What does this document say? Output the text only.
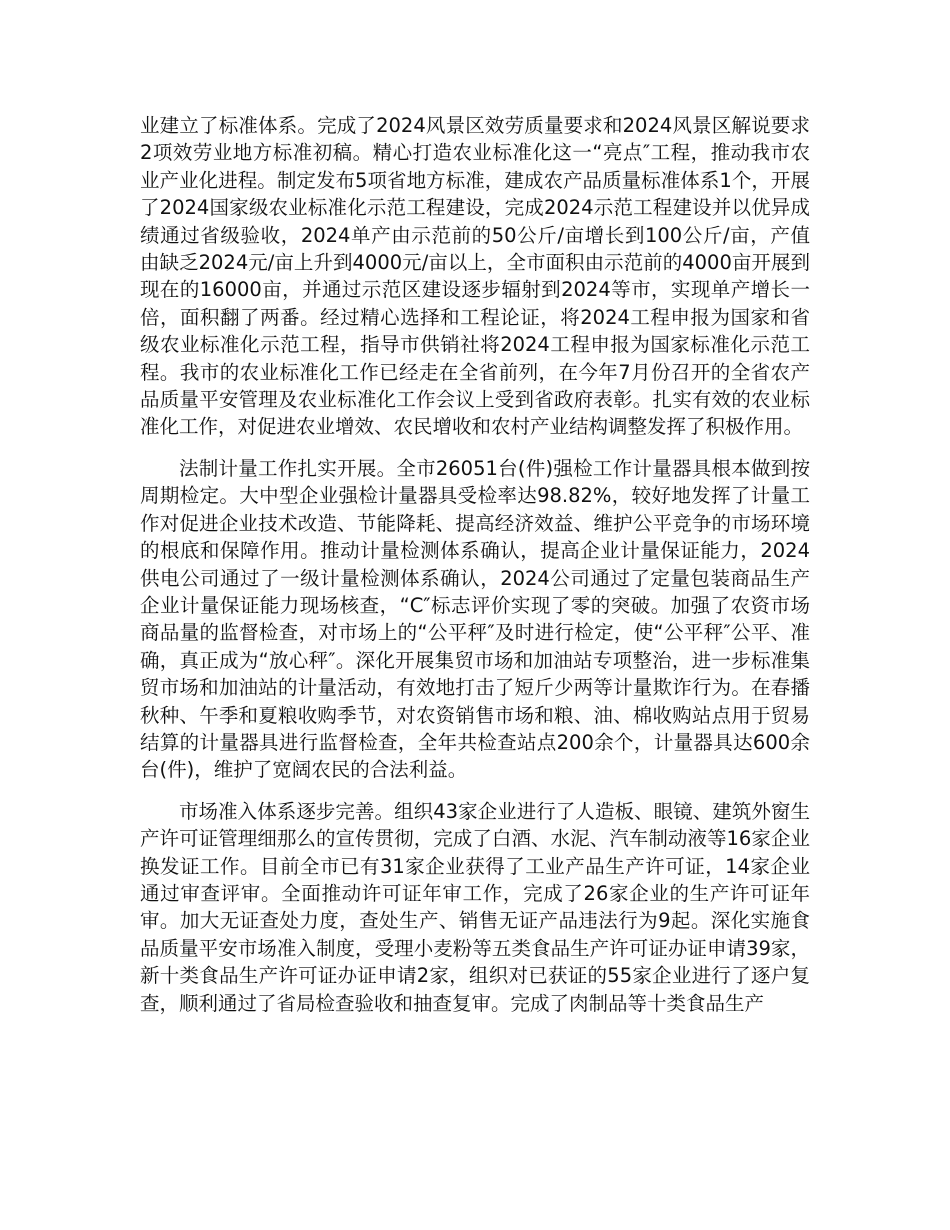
业建立了标准体系。完成了2024风景区效劳质量要求和2024风景区解说要求2项效劳业地方标准初稿。精心打造农业标准化这一“亮点″工程，推动我市农业产业化进程。制定发布5项省地方标准，建成农产品质量标准体系1个，开展了2024国家级农业标准化示范工程建设，完成2024示范工程建设并以优异成绩通过省级验收，2024单产由示范前的50公斤/亩增长到100公斤/亩，产值由缺乏2024元/亩上升到4000元/亩以上，全市面积由示范前的4000亩开展到现在的16000亩，并通过示范区建设逐步辐射到2024等市，实现单产增长一倍，面积翻了两番。经过精心选择和工程论证，将2024工程申报为国家和省级农业标准化示范工程，指导市供销社将2024工程申报为国家标准化示范工程。我市的农业标准化工作已经走在全省前列，在今年7月份召开的全省农产品质量平安管理及农业标准化工作会议上受到省政府表彰。扎实有效的农业标准化工作，对促进农业增效、农民增收和农村产业结构调整发挥了积极作用。

法制计量工作扎实开展。全市26051台(件)强检工作计量器具根本做到按周期检定。大中型企业强检计量器具受检率达98.82%，较好地发挥了计量工作对促进企业技术改造、节能降耗、提高经济效益、维护公平竞争的市场环境的根底和保障作用。推动计量检测体系确认，提高企业计量保证能力，2024供电公司通过了一级计量检测体系确认，2024公司通过了定量包装商品生产企业计量保证能力现场核查，“C″标志评价实现了零的突破。加强了农资市场商品量的监督检查，对市场上的“公平秤″及时进行检定，使“公平秤″公平、准确，真正成为“放心秤″。深化开展集贸市场和加油站专项整治，进一步标准集贸市场和加油站的计量活动，有效地打击了短斤少两等计量欺诈行为。在春播秋种、午季和夏粮收购季节，对农资销售市场和粮、油、棉收购站点用于贸易结算的计量器具进行监督检查，全年共检查站点200余个，计量器具达600余台(件)，维护了宽阔农民的合法利益。

市场准入体系逐步完善。组织43家企业进行了人造板、眼镜、建筑外窗生产许可证管理细那么的宣传贯彻，完成了白酒、水泥、汽车制动液等16家企业换发证工作。目前全市已有31家企业获得了工业产品生产许可证，14家企业通过审查评审。全面推动许可证年审工作，完成了26家企业的生产许可证年审。加大无证查处力度，查处生产、销售无证产品违法行为9起。深化实施食品质量平安市场准入制度，受理小麦粉等五类食品生产许可证办证申请39家，新十类食品生产许可证办证申请2家，组织对已获证的55家企业进行了逐户复查，顺利通过了省局检查验收和抽查复审。完成了肉制品等十类食品生产
